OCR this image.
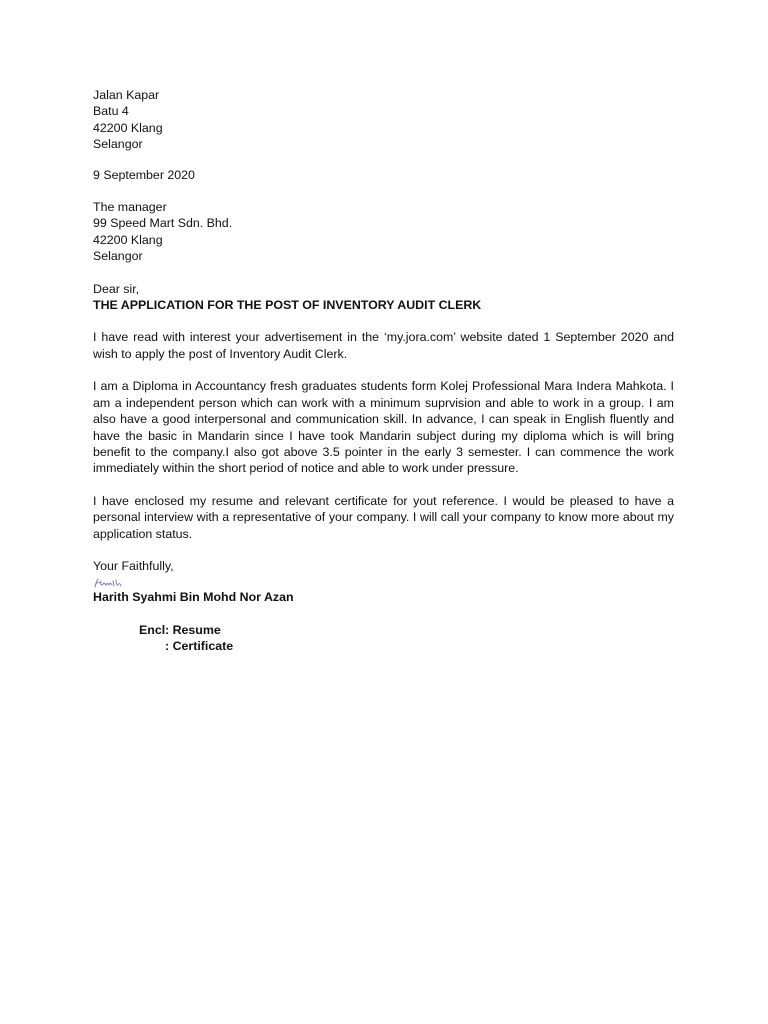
Jalan Kapar
Batu 4
42200 Klang
Selangor
9 September 2020
The manager
99 Speed Mart Sdn. Bhd.
42200 Klang
Selangor
Dear sir,
THE APPLICATION FOR THE POST OF INVENTORY AUDIT CLERK

I have read with interest your advertisement in the ‘my.jora.com’ website dated 1 September 2020 and wish to apply the post of Inventory Audit Clerk.

I am a Diploma in Accountancy fresh graduates students form Kolej Professional Mara Indera Mahkota. I am a independent person which can work with a minimum suprvision and able to work in a group. I am also have a good interpersonal and communication skill. In advance, I can speak in English fluently and have the basic in Mandarin since I have took Mandarin subject during my diploma which is will bring benefit to the company.I also got above 3.5 pointer in the early 3 semester. I can commence the work immediately within the short period of notice and able to work under pressure.

I have enclosed my resume and relevant certificate for yout reference. I would be pleased to have a personal interview with a representative of your company. I will call your company to know more about my application status.

Your Faithfully,
Harith Syahmi Bin Mohd Nor Azan
Encl : Resume
: Certificate
